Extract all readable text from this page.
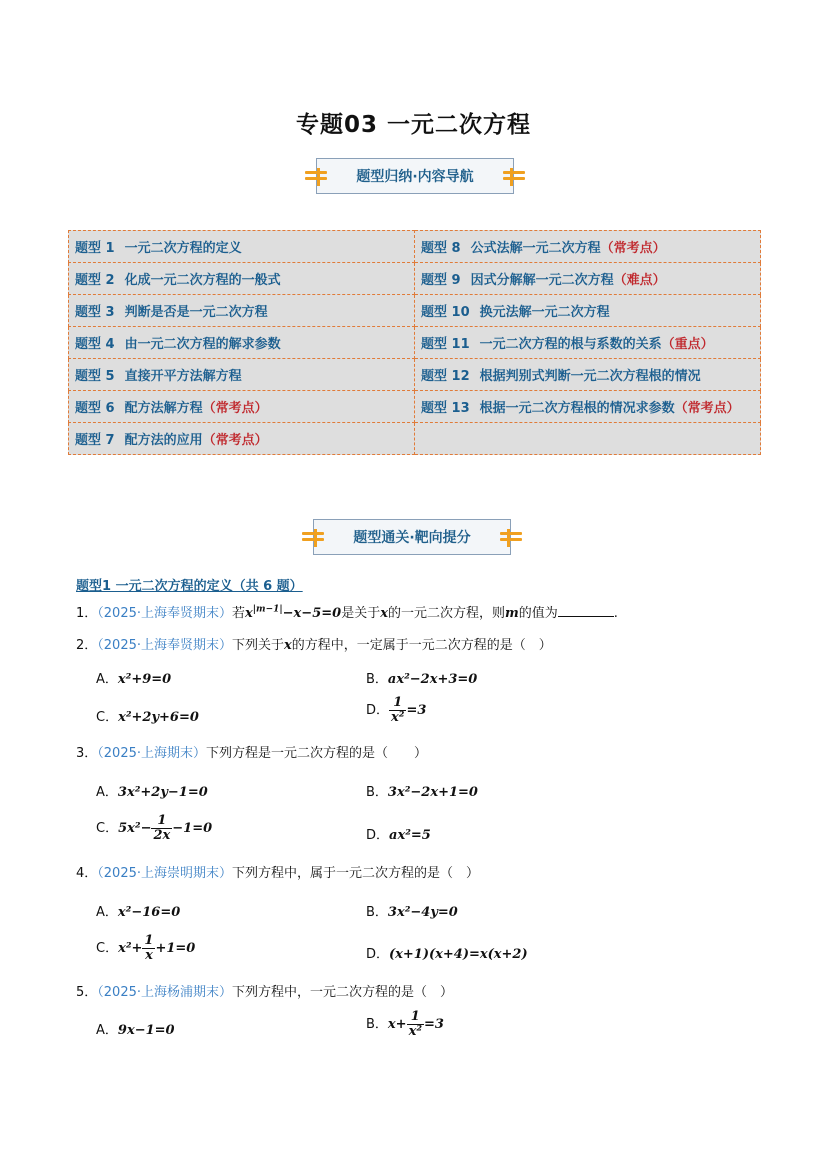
专题03 一元二次方程
题型归纳·内容导航
题型 1 一元二次方程的定义	题型 8 公式法解一元二次方程（常考点）
题型 2 化成一元二次方程的一般式	题型 9 因式分解解一元二次方程（难点）
题型 3 判断是否是一元二次方程	题型 10 换元法解一元二次方程
题型 4 由一元二次方程的解求参数	题型 11 一元二次方程的根与系数的关系（重点）
题型 5 直接开平方法解方程	题型 12 根据判别式判断一元二次方程根的情况
题型 6 配方法解方程（常考点）	题型 13 根据一元二次方程根的情况求参数（常考点）
题型 7 配方法的应用（常考点）	
题型通关·靶向提分
题型1 一元二次方程的定义（共 6 题）
1．（2025·上海奉贤期末）若$x^{|m-1|}-x-5=0$是关于x的一元二次方程，则m的值为	.
2．（2025·上海奉贤期末）下列关于x的方程中，一定属于一元二次方程的是（　）
A．x²+9=0	B．ax²−2x+3=0
C．x²+2y+6=0	D． $\frac{1}{\text{x²}} =3$
3．（2025·上海期末）下列方程是一元二次方程的是（　　）
A．3x²+2y−1=0	B．3x²−2x+1=0
C．$5x^2- \frac{1}{2x} -1=0$	D．ax²=5
4．（2025·上海崇明期末）下列方程中，属于一元二次方程的是（　）
A．x²−16=0	B．3x²−4y=0
C．$x^2+ \frac{1}{x} +1=0$	D．(x+1)(x+4)=x(x+2)
5．（2025·上海杨浦期末）下列方程中，一元二次方程的是（　）
A．9x−1=0	B．$x+ \frac{1}{\text{x²}} =3$
